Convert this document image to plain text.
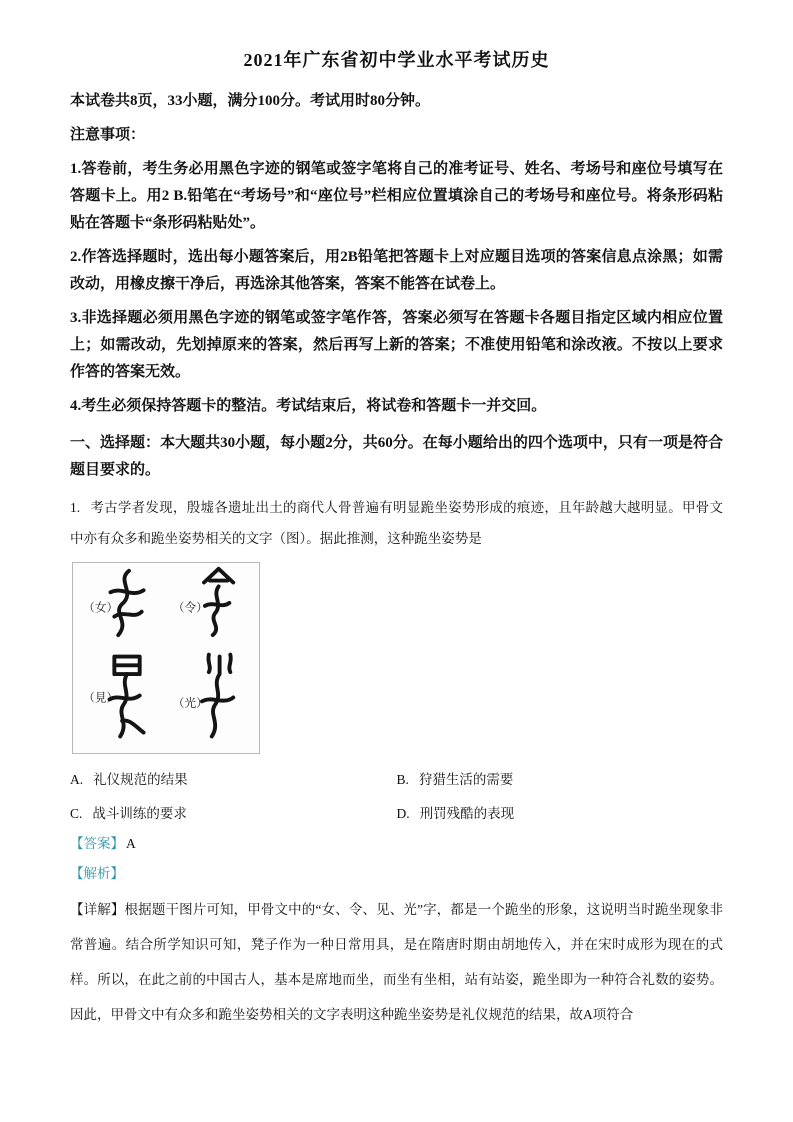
2021年广东省初中学业水平考试历史

本试卷共8页，33小题，满分100分。考试用时80分钟。

注意事项：

1.答卷前，考生务必用黑色字迹的钢笔或签字笔将自己的准考证号、姓名、考场号和座位号填写在答题卡上。用2 B.铅笔在“考场号”和“座位号”栏相应位置填涂自己的考场号和座位号。将条形码粘贴在答题卡“条形码粘贴处”。

2.作答选择题时，选出每小题答案后，用2B铅笔把答题卡上对应题目选项的答案信息点涂黑；如需改动，用橡皮擦干净后，再选涂其他答案，答案不能答在试卷上。

3.非选择题必须用黑色字迹的钢笔或签字笔作答，答案必须写在答题卡各题目指定区域内相应位置上；如需改动，先划掉原来的答案，然后再写上新的答案；不准使用铅笔和涂改液。不按以上要求作答的答案无效。

4.考生必须保持答题卡的整洁。考试结束后，将试卷和答题卡一并交回。

一、选择题：本大题共30小题，每小题2分，共60分。在每小题给出的四个选项中，只有一项是符合题目要求的。

1. 考古学者发现，殷墟各遗址出土的商代人骨普遍有明显跪坐姿势形成的痕迹，且年龄越大越明显。甲骨文中亦有众多和跪坐姿势相关的文字（图）。据此推测，这种跪坐姿势是

（女）	（令）
（見）	（光）
A. 礼仪规范的结果	B. 狩猎生活的需要
C. 战斗训练的要求	D. 刑罚残酷的表现

【答案】 A

【解析】

【详解】根据题干图片可知，甲骨文中的“女、令、见、光”字，都是一个跪坐的形象，这说明当时跪坐现象非常普遍。结合所学知识可知，凳子作为一种日常用具，是在隋唐时期由胡地传入，并在宋时成形为现在的式样。所以，在此之前的中国古人，基本是席地而坐，而坐有坐相，站有站姿，跪坐即为一种符合礼数的姿势。因此，甲骨文中有众多和跪坐姿势相关的文字表明这种跪坐姿势是礼仪规范的结果，故A项符合
